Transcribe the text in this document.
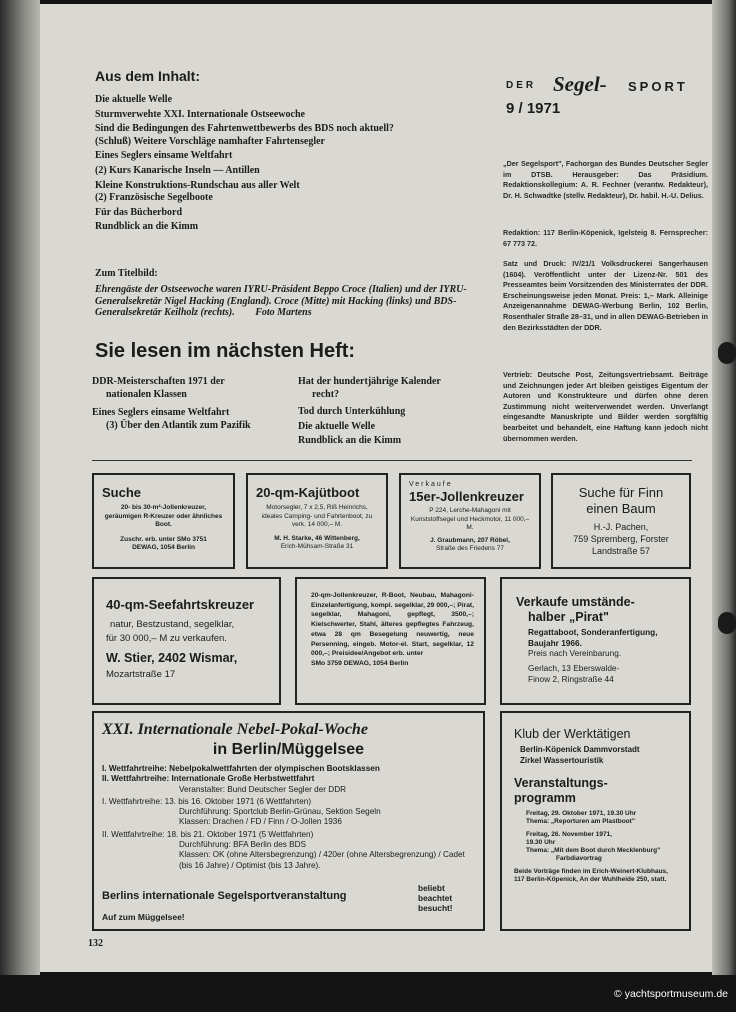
Aus dem Inhalt:
Die aktuelle Welle
Sturmverwehte XXI. Internationale Ostseewoche
Sind die Bedingungen des Fahrtenwettbewerbs des BDS noch aktuell?
(Schluß) Weitere Vorschläge namhafter Fahrtensegler
Eines Seglers einsame Weltfahrt
(2) Kurs Kanarische Inseln — Antillen
Kleine Konstruktions-Rundschau aus aller Welt
(2) Französische Segelboote
Für das Bücherbord
Rundblick an die Kimm
DER Segel- SPORT
9 / 1971
„Der Segelsport", Fachorgan des Bundes Deutscher Segler im DTSB. Herausgeber: Das Präsidium. Redaktionskollegium: A. R. Fechner (verantw. Redakteur), Dr. H. Schwadtke (stellv. Redakteur), Dr. habil. H.-U. Delius.
Redaktion: 117 Berlin-Köpenick, Igelsteig 8. Fernsprecher: 67 773 72.
Satz und Druck: IV/21/1 Volksdruckerei Sangerhausen (1604). Veröffentlicht unter der Lizenz-Nr. 501 des Presseamtes beim Vorsitzenden des Ministerrates der DDR. Erscheinungsweise jeden Monat. Preis: 1,– Mark. Alleinige Anzeigenannahme DEWAG-Werbung Berlin, 102 Berlin, Rosenthaler Straße 28–31, und in allen DEWAG-Betrieben in den Bezirksstädten der DDR.
Vertrieb: Deutsche Post, Zeitungsvertriebsamt. Beiträge und Zeichnungen jeder Art bleiben geistiges Eigentum der Autoren und Konstrukteure und dürfen ohne deren Zustimmung nicht weiterverwendet werden. Unverlangt eingesandte Manuskripte und Bilder werden sorgfältig bearbeitet und behandelt, eine Haftung kann jedoch nicht übernommen werden.
Zum Titelbild:
Ehrengäste der Ostseewoche waren IYRU-Präsident Beppo Croce (Italien) und der IYRU-Generalsekretär Nigel Hacking (England). Croce (Mitte) mit Hacking (links) und BDS-Generalsekretär Keilholz (rechts). Foto Martens
Sie lesen im nächsten Heft:
DDR-Meisterschaften 1971 der
nationalen Klassen
Eines Seglers einsame Weltfahrt
(3) Über den Atlantik zum Pazifik
Hat der hundertjährige Kalender
recht?
Tod durch Unterkühlung
Die aktuelle Welle
Rundblick an die Kimm
Suche
20- bis 30-m²-Jollenkreuzer, geräumigen R-Kreuzer oder ähnliches Boot.
Zuschr. erb. unter SMo 3751
DEWAG, 1054 Berlin
20-qm-Kajütboot
Motorsegler, 7 x 2,5, Riß Heinrichs, ideales Camping- und Fahrtenboot, zu verk. 14 000,– M.
M. H. Starke, 46 Wittenberg,
Erich-Mühsam-Straße 31
Verkaufe
15er-Jollenkreuzer
P 224, Lerche-Mahagoni mit Kunststoffsegel und Heckmotor, 11 000,– M.
J. Graubmann, 207 Röbel,
Straße des Friedens 77
Suche für Finn
einen Baum
H.-J. Pachen,
759 Spremberg, Forster
Landstraße 57
40-qm-Seefahrtskreuzer
natur, Bestzustand, segelklar,
für 30 000,– M zu verkaufen.
W. Stier, 2402 Wismar,
Mozartstraße 17
20-qm-Jollenkreuzer, R-Boot, Neubau, Mahagoni-Einzelanfertigung, kompl. segelklar, 29 000,–; Pirat, segelklar, Mahagoni, gepflegt, 3500,–; Kielschwerter, Stahl, älteres gepflegtes Fahrzeug, etwa 28 qm Besegelung neuwertig, neue Persenning, eingeb. Motor-el. Start, segelklar, 12 000,–; Preisidee/Angebot erb. unter
SMo 3759 DEWAG, 1054 Berlin
Verkaufe umstände-
halber „Pirat"
Regattaboot, Sonderanfertigung, Baujahr 1966.
Preis nach Vereinbarung.
Gerlach, 13 Eberswalde-
Finow 2, Ringstraße 44
XXI. Internationale Nebel-Pokal-Woche
in Berlin/Müggelsee
I. Wettfahrtreihe: Nebelpokalwettfahrten der olympischen Bootsklassen
II. Wettfahrtreihe: Internationale Große Herbstwettfahrt
Veranstalter: Bund Deutscher Segler der DDR
I. Wettfahrtreihe: 13. bis 16. Oktober 1971 (6 Wettfahrten)
Durchführung: Sportclub Berlin-Grünau, Sektion Segeln
Klassen: Drachen / FD / Finn / O-Jollen 1936
II. Wettfahrtreihe: 18. bis 21. Oktober 1971 (5 Wettfahrten)
Durchführung: BFA Berlin des BDS
Klassen: OK (ohne Altersbegrenzung) / 420er (ohne Altersbegrenzung) / Cadet (bis 16 Jahre) / Optimist (bis 13 Jahre).
Berlins internationale Segelsportveranstaltung
Auf zum Müggelsee!
beliebt beachtet besucht!
Klub der Werktätigen
Berlin-Köpenick Dammvorstadt
Zirkel Wassertouristik
Veranstaltungs-programm
Freitag, 29. Oktober 1971, 19.30 Uhr
Thema: „Reporturen am Plastboot"
Freitag, 26. November 1971,
19.30 Uhr
Thema: „Mit dem Boot durch Mecklenburg"
Farbdiavortrag
Beide Vorträge finden im Erich-Weinert-Klubhaus, 117 Berlin-Köpenick, An der Wuhlheide 250, statt.
132
© yachtsportmuseum.de
